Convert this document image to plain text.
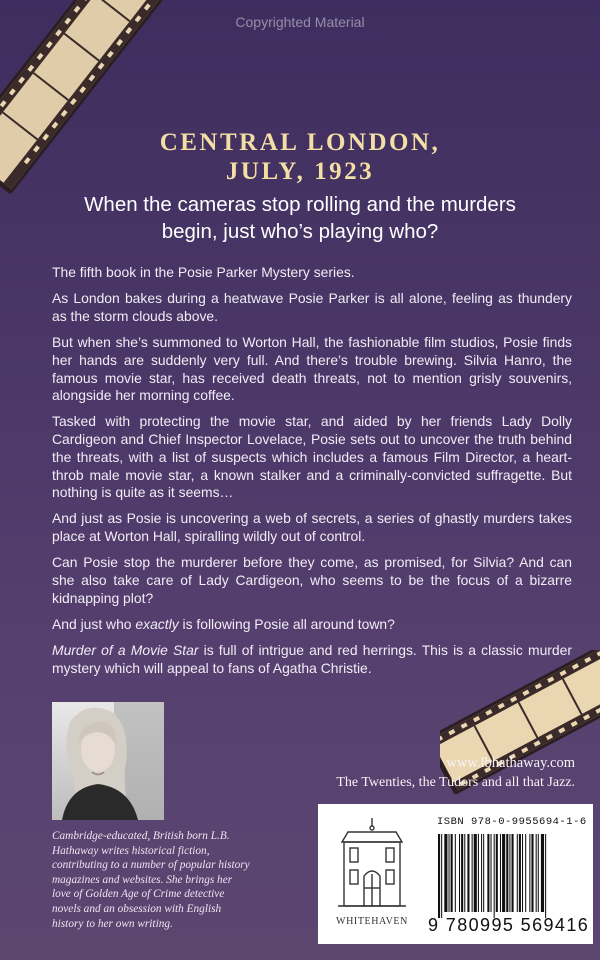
Copyrighted Material
CENTRAL LONDON,
JULY, 1923
When the cameras stop rolling and the murders
begin, just who’s playing who?

The fifth book in the Posie Parker Mystery series.

As London bakes during a heatwave Posie Parker is all alone, feeling as thundery as the storm clouds above.

But when she’s summoned to Worton Hall, the fashionable film studios, Posie finds her hands are suddenly very full. And there’s trouble brewing. Silvia Hanro, the famous movie star, has received death threats, not to mention grisly souvenirs, alongside her morning coffee.

Tasked with protecting the movie star, and aided by her friends Lady Dolly Cardigeon and Chief Inspector Lovelace, Posie sets out to uncover the truth behind the threats, with a list of suspects which includes a famous Film Director, a heart-throb male movie star, a known stalker and a criminally-convicted suffragette. But nothing is quite as it seems…

And just as Posie is uncovering a web of secrets, a series of ghastly murders takes place at Worton Hall, spiralling wildly out of control.

Can Posie stop the murderer before they come, as promised, for Silvia? And can she also take care of Lady Cardigeon, who seems to be the focus of a bizarre kidnapping plot?

And just who exactly is following Posie all around town?

Murder of a Movie Star is full of intrigue and red herrings. This is a classic murder mystery which will appeal to fans of Agatha Christie.

Cambridge-educated, British born L.B. Hathaway writes historical fiction, contributing to a number of popular history magazines and websites. She brings her love of Golden Age of Crime detective novels and an obsession with English history to her own writing.
www.lbhathaway.com
The Twenties, the Tudors and all that Jazz.
WHITEHAVEN
ISBN 978-0-9955694-1-6
9 780995 569416
